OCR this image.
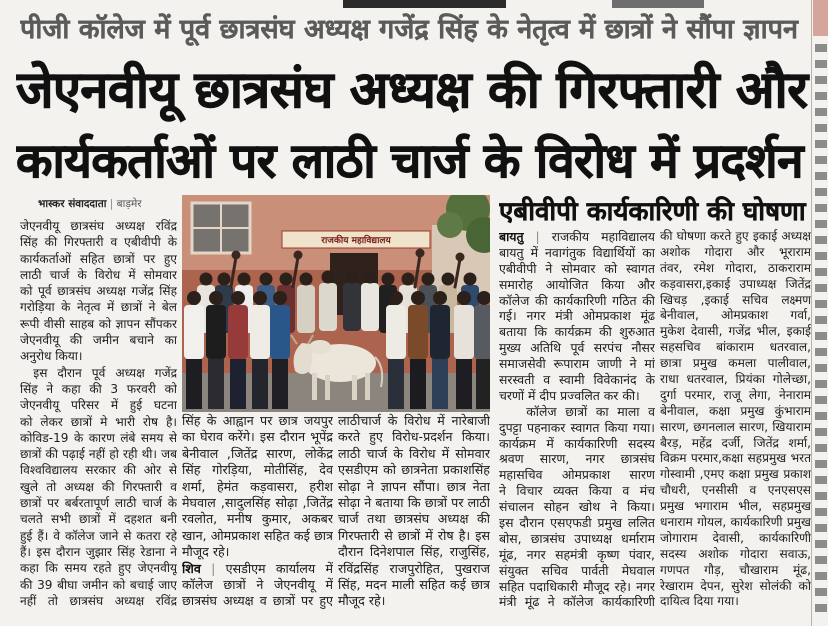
पीजी कॉलेज में पूर्व छात्रसंघ अध्यक्ष गजेंद्र सिंह के नेतृत्व में छात्रों ने सौंपा ज्ञापन
जेएनवीयू छात्रसंघ अध्यक्ष की गिरफ्तारी और
कार्यकर्ताओं पर लाठी चार्ज के विरोध में प्रदर्शन
भास्कर संवाददाता | बाड़मेर
जेएनवीयू छात्रसंघ अध्यक्ष रविंद्र
सिंह की गिरफ्तारी व एबीवीपी के
कार्यकर्ताओं सहित छात्रों पर हुए
लाठी चार्ज के विरोध में सोमवार
को पूर्व छात्रसंघ अध्यक्ष गजेंद्र सिंह
गरोड़िया के नेतृत्व में छात्रों ने बेल
रूपी वीसी साहब को ज्ञापन सौंपकर
जेएनवीयू की जमीन बचाने का
अनुरोध किया।
इस दौरान पूर्व अध्यक्ष गजेंद्र
सिंह ने कहा की 3 फरवरी को
जेएनवीयू परिसर में हुई घटना
को लेकर छात्रों मे भारी रोष है।
कोविड-19 के कारण लंबे समय से
छात्रों की पढ़ाई नहीं हो रही थी। जब
विश्वविद्यालय सरकार की ओर से
खुले तो अध्यक्ष की गिरफ्तारी व
छात्रों पर बर्बरतापूर्ण लाठी चार्ज के
चलते सभी छात्रों में दहशत बनी
हुई हैं। वे कॉलेज जाने से कतरा रहे
हैं। इस दौरान जुझार सिंह रेडाना ने
कहा कि समय रहते हुए जेएनवीयू
की 39 बीघा जमीन को बचाई जाए
नहीं तो छात्रसंघ अध्यक्ष रविंद्र
राजकीय महाविद्यालय
सिंह के आह्वान पर छात्र जयपुर
का घेराव करेंगे। इस दौरान भूपेंद्र
बेनीवाल ,जितेंद्र सारण, लोकेंद्र
सिंह गोरड़िया, मोतीसिंह, देव
शर्मा, हेमंत कड़वासरा, हरीश
मेघवाल ,सादुलसिंह सोढ़ा ,जितेंद्र
रवलोत, मनीष कुमार, अकबर
खान, ओमप्रकाश सहित कई छात्र
मौजूद रहे।
शिव | एसडीएम कार्यालय में
कॉलेज छात्रों ने जेएनवीयू में
छात्रसंघ अध्यक्ष व छात्रों पर हुए
लाठीचार्ज के विरोध में नारेबाजी
करते हुए विरोध-प्रदर्शन किया।
लाठी चार्ज के विरोध में सोमवार
एसडीएम को छात्रनेता प्रकाशसिंह
सोढ़ा ने ज्ञापन सौंपा। छात्र नेता
सोढ़ा ने बताया कि छात्रों पर लाठी
चार्ज तथा छात्रसंघ अध्यक्ष की
गिरफ्तारी से छात्रों में रोष है। इस
दौरान दिनेशपाल सिंह, राजुसिंह,
रविंद्रसिंह राजपुरोहित, पुखराज
सिंह, मदन माली सहित कई छात्र
मौजूद रहे।
एबीवीपी कार्यकारिणी की घोषणा
बायतु | राजकीय महाविद्यालय
बायतु में नवागंतुक विद्यार्थियों का
एबीवीपी ने सोमवार को स्वागत
समारोह आयोजित किया और
कॉलेज की कार्यकारिणी गठित की
गई। नगर मंत्री ओमप्रकाश मूंढ
बताया कि कार्यक्रम की शुरुआत
मुख्य अतिथि पूर्व सरपंच नौसर
समाजसेवी रूपाराम जाणी ने मां
सरस्वती व स्वामी विवेकानंद के
चरणों में दीप प्रज्वलित कर की।
कॉलेज छात्रों का माला व
दुपट्टा पहनाकर स्वागत किया गया।
कार्यक्रम में कार्यकारिणी सदस्य
श्रवण सारण, नगर छात्रसंघ
महासचिव ओमप्रकाश सारण
ने विचार व्यक्त किया व मंच
संचालन सोहन खोथ ने किया।
इस दौरान एसएफडी प्रमुख ललित
बोस, छात्रसंघ उपाध्यक्ष धर्माराम
मूंढ, नगर सहमंत्री कृष्ण पंवार,
संयुक्त सचिव पार्वती मेघवाल
सहित पदाधिकारी मौजूद रहे। नगर
मंत्री मूंढ ने कॉलेज कार्यकारिणी
की घोषणा करते हुए इकाई अध्यक्ष
अशोक गोदारा और भूराराम
तंवर, रमेश गोदारा, ठाकराराम
कड़वासरा,इकाई उपाध्यक्ष जितेंद्र
खिचड़ ,इकाई सचिव लक्ष्मण
बेनीवाल, ओमप्रकाश गर्वा,
मुकेश देवासी, गजेंद्र भील, इकाई
सहसचिव बांकाराम धतरवाल,
छात्रा प्रमुख कमला पालीवाल,
राधा धतरवाल, प्रियंका गोलेच्छा,
दुर्गा परमार, राजू लेगा, नेनाराम
बेनीवाल, कक्षा प्रमुख कुंभाराम
सारण, छगनलाल सारण, खियाराम
बैरड़, महेंद्र दर्जी, जितेंद्र शर्मा,
विक्रम परमार,कक्षा सहप्रमुख भरत
गोस्वामी ,एमए कक्षा प्रमुख प्रकाश
चौधरी, एनसीसी व एनएसएस
प्रमुख भगाराम भील, सहप्रमुख
धनाराम गोयल, कार्यकारिणी प्रमुख
जोगाराम देवासी, कार्यकारिणी
सदस्य अशोक गोदारा सवाऊ,
गणपत गौड़, चौखाराम मूंढ,
रेखाराम देपन, सुरेश सोलंकी को
दायित्व दिया गया।
